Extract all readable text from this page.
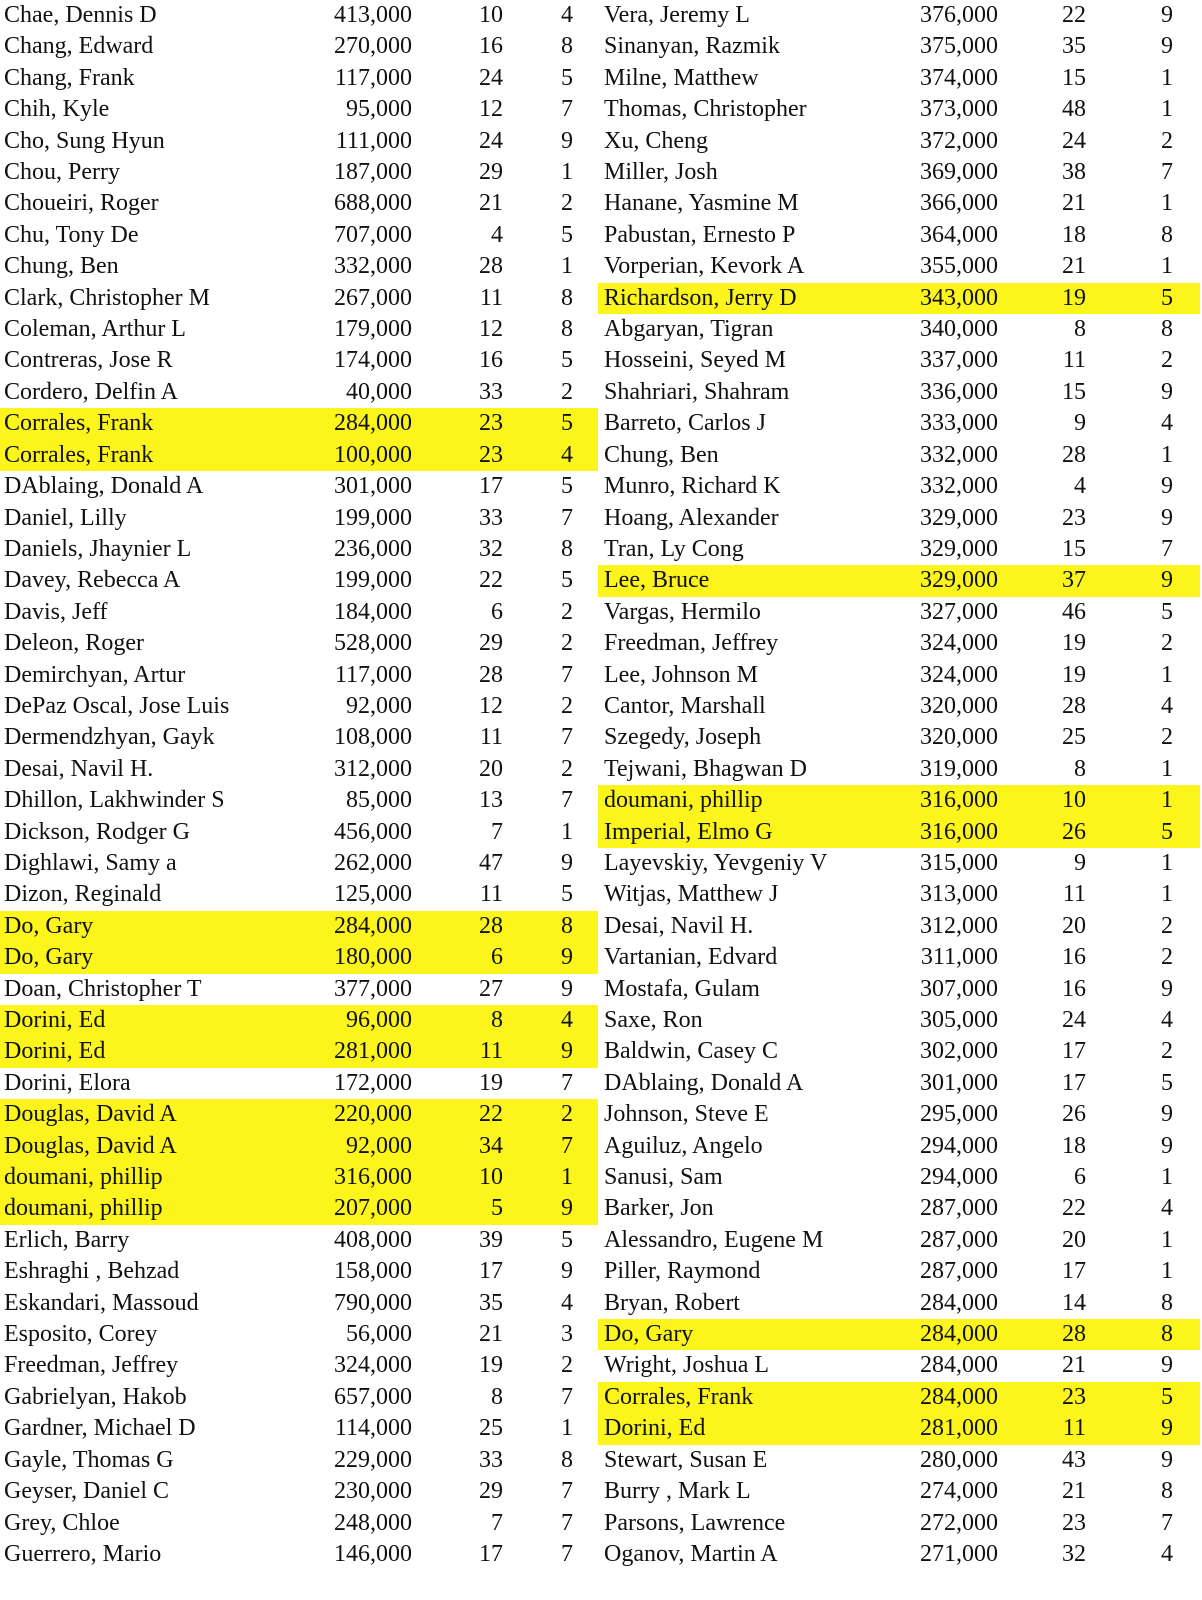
Chae, Dennis D	413,000	10	4
Chang, Edward	270,000	16	8
Chang, Frank	117,000	24	5
Chih, Kyle	95,000	12	7
Cho, Sung Hyun	111,000	24	9
Chou, Perry	187,000	29	1
Choueiri, Roger	688,000	21	2
Chu, Tony De	707,000	4	5
Chung, Ben	332,000	28	1
Clark, Christopher M	267,000	11	8
Coleman, Arthur L	179,000	12	8
Contreras, Jose R	174,000	16	5
Cordero, Delfin A	40,000	33	2
Corrales, Frank	284,000	23	5
Corrales, Frank	100,000	23	4
DAblaing, Donald A	301,000	17	5
Daniel, Lilly	199,000	33	7
Daniels, Jhaynier L	236,000	32	8
Davey, Rebecca A	199,000	22	5
Davis, Jeff	184,000	6	2
Deleon, Roger	528,000	29	2
Demirchyan, Artur	117,000	28	7
DePaz Oscal, Jose Luis	92,000	12	2
Dermendzhyan, Gayk	108,000	11	7
Desai, Navil H.	312,000	20	2
Dhillon, Lakhwinder S	85,000	13	7
Dickson, Rodger G	456,000	7	1
Dighlawi, Samy a	262,000	47	9
Dizon, Reginald	125,000	11	5
Do, Gary	284,000	28	8
Do, Gary	180,000	6	9
Doan, Christopher T	377,000	27	9
Dorini, Ed	96,000	8	4
Dorini, Ed	281,000	11	9
Dorini, Elora	172,000	19	7
Douglas, David A	220,000	22	2
Douglas, David A	92,000	34	7
doumani, phillip	316,000	10	1
doumani, phillip	207,000	5	9
Erlich, Barry	408,000	39	5
Eshraghi , Behzad	158,000	17	9
Eskandari, Massoud	790,000	35	4
Esposito, Corey	56,000	21	3
Freedman, Jeffrey	324,000	19	2
Gabrielyan, Hakob	657,000	8	7
Gardner, Michael D	114,000	25	1
Gayle, Thomas G	229,000	33	8
Geyser, Daniel C	230,000	29	7
Grey, Chloe	248,000	7	7
Guerrero, Mario	146,000	17	7
Vera, Jeremy L	376,000	22	9
Sinanyan, Razmik	375,000	35	9
Milne, Matthew	374,000	15	1
Thomas, Christopher	373,000	48	1
Xu, Cheng	372,000	24	2
Miller, Josh	369,000	38	7
Hanane, Yasmine M	366,000	21	1
Pabustan, Ernesto P	364,000	18	8
Vorperian, Kevork A	355,000	21	1
Richardson, Jerry D	343,000	19	5
Abgaryan, Tigran	340,000	8	8
Hosseini, Seyed M	337,000	11	2
Shahriari, Shahram	336,000	15	9
Barreto, Carlos J	333,000	9	4
Chung, Ben	332,000	28	1
Munro, Richard K	332,000	4	9
Hoang, Alexander	329,000	23	9
Tran, Ly Cong	329,000	15	7
Lee, Bruce	329,000	37	9
Vargas, Hermilo	327,000	46	5
Freedman, Jeffrey	324,000	19	2
Lee, Johnson M	324,000	19	1
Cantor, Marshall	320,000	28	4
Szegedy, Joseph	320,000	25	2
Tejwani, Bhagwan D	319,000	8	1
doumani, phillip	316,000	10	1
Imperial, Elmo G	316,000	26	5
Layevskiy, Yevgeniy V	315,000	9	1
Witjas, Matthew J	313,000	11	1
Desai, Navil H.	312,000	20	2
Vartanian, Edvard	311,000	16	2
Mostafa, Gulam	307,000	16	9
Saxe, Ron	305,000	24	4
Baldwin, Casey C	302,000	17	2
DAblaing, Donald A	301,000	17	5
Johnson, Steve E	295,000	26	9
Aguiluz, Angelo	294,000	18	9
Sanusi, Sam	294,000	6	1
Barker, Jon	287,000	22	4
Alessandro, Eugene M	287,000	20	1
Piller, Raymond	287,000	17	1
Bryan, Robert	284,000	14	8
Do, Gary	284,000	28	8
Wright, Joshua L	284,000	21	9
Corrales, Frank	284,000	23	5
Dorini, Ed	281,000	11	9
Stewart, Susan E	280,000	43	9
Burry , Mark L	274,000	21	8
Parsons, Lawrence	272,000	23	7
Oganov, Martin A	271,000	32	4
